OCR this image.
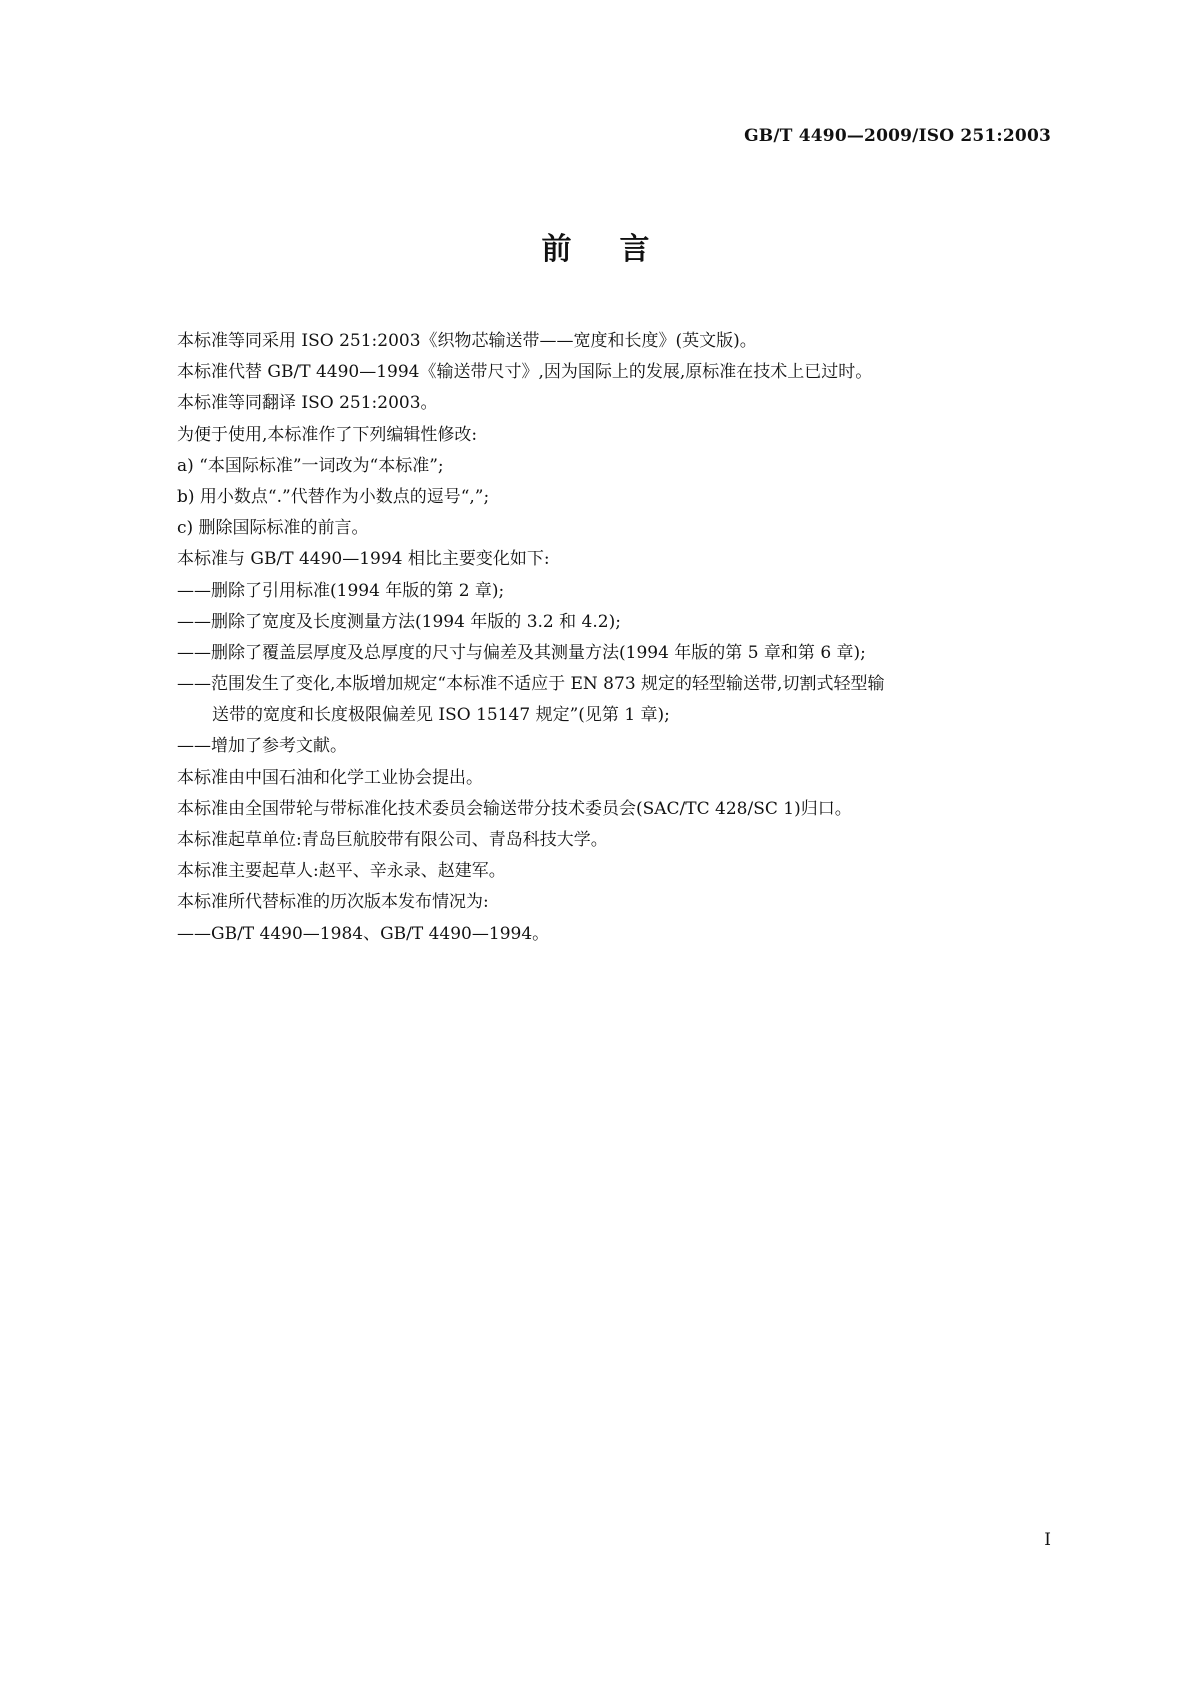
GB/T 4490—2009/ISO 251:2003
前言
本标准等同采用 ISO 251:2003《织物芯输送带——宽度和长度》(英文版)。
本标准代替 GB/T 4490—1994《输送带尺寸》,因为国际上的发展,原标准在技术上已过时。
本标准等同翻译 ISO 251:2003。
为便于使用,本标准作了下列编辑性修改:
a) “本国际标准”一词改为“本标准”;
b) 用小数点“.”代替作为小数点的逗号“,”;
c) 删除国际标准的前言。
本标准与 GB/T 4490—1994 相比主要变化如下:
——删除了引用标准(1994 年版的第 2 章);
——删除了宽度及长度测量方法(1994 年版的 3.2 和 4.2);
——删除了覆盖层厚度及总厚度的尺寸与偏差及其测量方法(1994 年版的第 5 章和第 6 章);
——范围发生了变化,本版增加规定“本标准不适应于 EN 873 规定的轻型输送带,切割式轻型输
送带的宽度和长度极限偏差见 ISO 15147 规定”(见第 1 章);
——增加了参考文献。
本标准由中国石油和化学工业协会提出。
本标准由全国带轮与带标准化技术委员会输送带分技术委员会(SAC/TC 428/SC 1)归口。
本标准起草单位:青岛巨航胶带有限公司、青岛科技大学。
本标准主要起草人:赵平、辛永录、赵建军。
本标准所代替标准的历次版本发布情况为:
——GB/T 4490—1984、GB/T 4490—1994。
I
